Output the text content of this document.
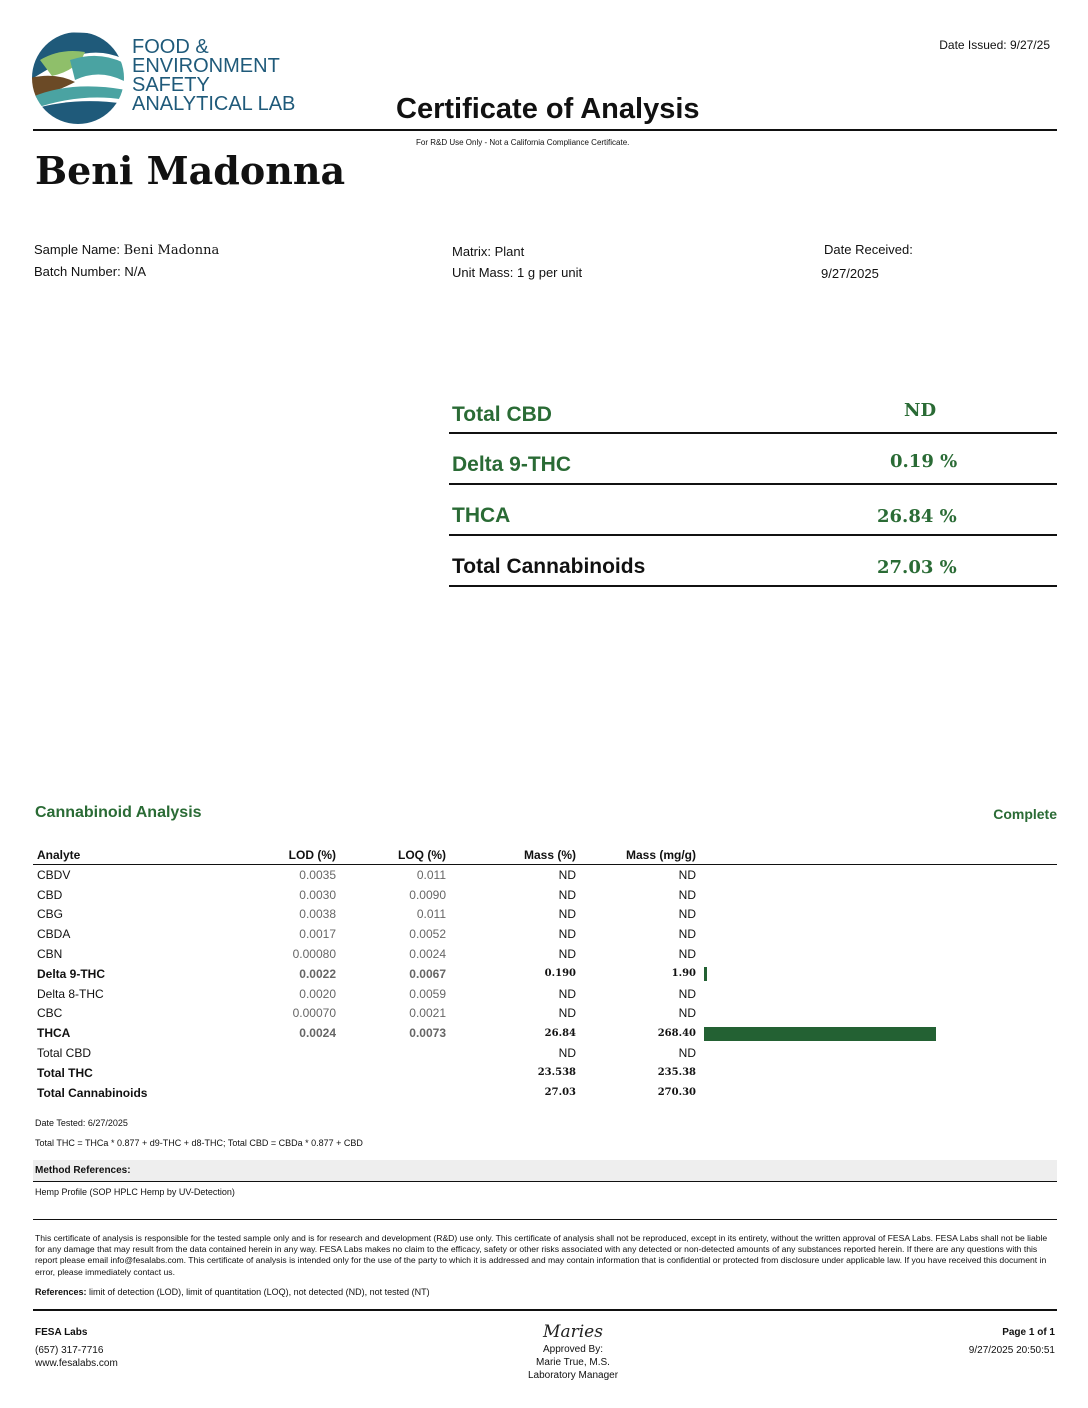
FOOD &
ENVIRONMENT
SAFETY
ANALYTICAL LAB
Date Issued: 9/27/25
Certificate of Analysis
For R&D Use Only - Not a California Compliance Certificate.
Beni Madonna
Sample Name: Beni Madonna
Batch Number: N/A
Matrix: Plant
Unit Mass: 1 g per unit
Date Received:
9/27/2025
Total CBD	ND
Delta 9-THC	0.19 %
THCA	26.84 %
Total Cannabinoids	27.03 %
Cannabinoid Analysis	Complete
Analyte	LOD (%)	LOQ (%)	Mass (%)	Mass (mg/g)	
CBDV	0.0035	0.011	ND	ND	
CBD	0.0030	0.0090	ND	ND	
CBG	0.0038	0.011	ND	ND	
CBDA	0.0017	0.0052	ND	ND	
CBN	0.00080	0.0024	ND	ND	
Delta 9-THC	0.0022	0.0067	0.190	1.90	
Delta 8-THC	0.0020	0.0059	ND	ND	
CBC	0.00070	0.0021	ND	ND	
THCA	0.0024	0.0073	26.84	268.40	
Total CBD			ND	ND	
Total THC			23.538	235.38	
Total Cannabinoids			27.03	270.30	
Date Tested: 6/27/2025
Total THC = THCa * 0.877 + d9-THC + d8-THC; Total CBD = CBDa * 0.877 + CBD
Method References:
Hemp Profile (SOP HPLC Hemp by UV-Detection)
This certificate of analysis is responsible for the tested sample only and is for research and development (R&D) use only. This certificate of analysis shall not be reproduced, except in its entirety, without the written approval of FESA Labs. FESA Labs shall not be liable for any damage that may result from the data contained herein in any way. FESA Labs makes no claim to the efficacy, safety or other risks associated with any detected or non-detected amounts of any substances reported herein. If there are any questions with this report please email info@fesalabs.com. This certificate of analysis is intended only for the use of the party to which it is addressed and may contain information that is confidential or protected from disclosure under applicable law. If you have received this document in error, please immediately contact us.
References: limit of detection (LOD), limit of quantitation (LOQ), not detected (ND), not tested (NT)
FESA Labs
(657) 317-7716
www.fesalabs.com
Maries
Approved By:
Marie True, M.S.
Laboratory Manager
Page 1 of 1
9/27/2025 20:50:51
